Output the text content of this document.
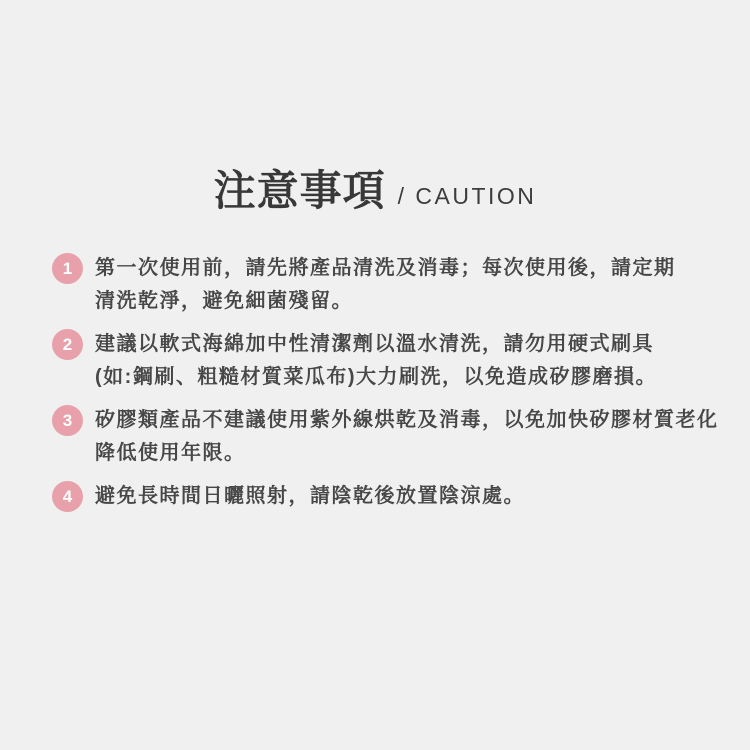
注意事項 / CAUTION
1 第一次使用前，請先將產品清洗及消毒；每次使用後，請定期
清洗乾淨，避免細菌殘留。
2 建議以軟式海綿加中性清潔劑以溫水清洗，請勿用硬式刷具
(如:鋼刷、粗糙材質菜瓜布)大力刷洗，以免造成矽膠磨損。
3 矽膠類產品不建議使用紫外線烘乾及消毒，以免加快矽膠材質老化
降低使用年限。
4 避免長時間日曬照射，請陰乾後放置陰涼處。
